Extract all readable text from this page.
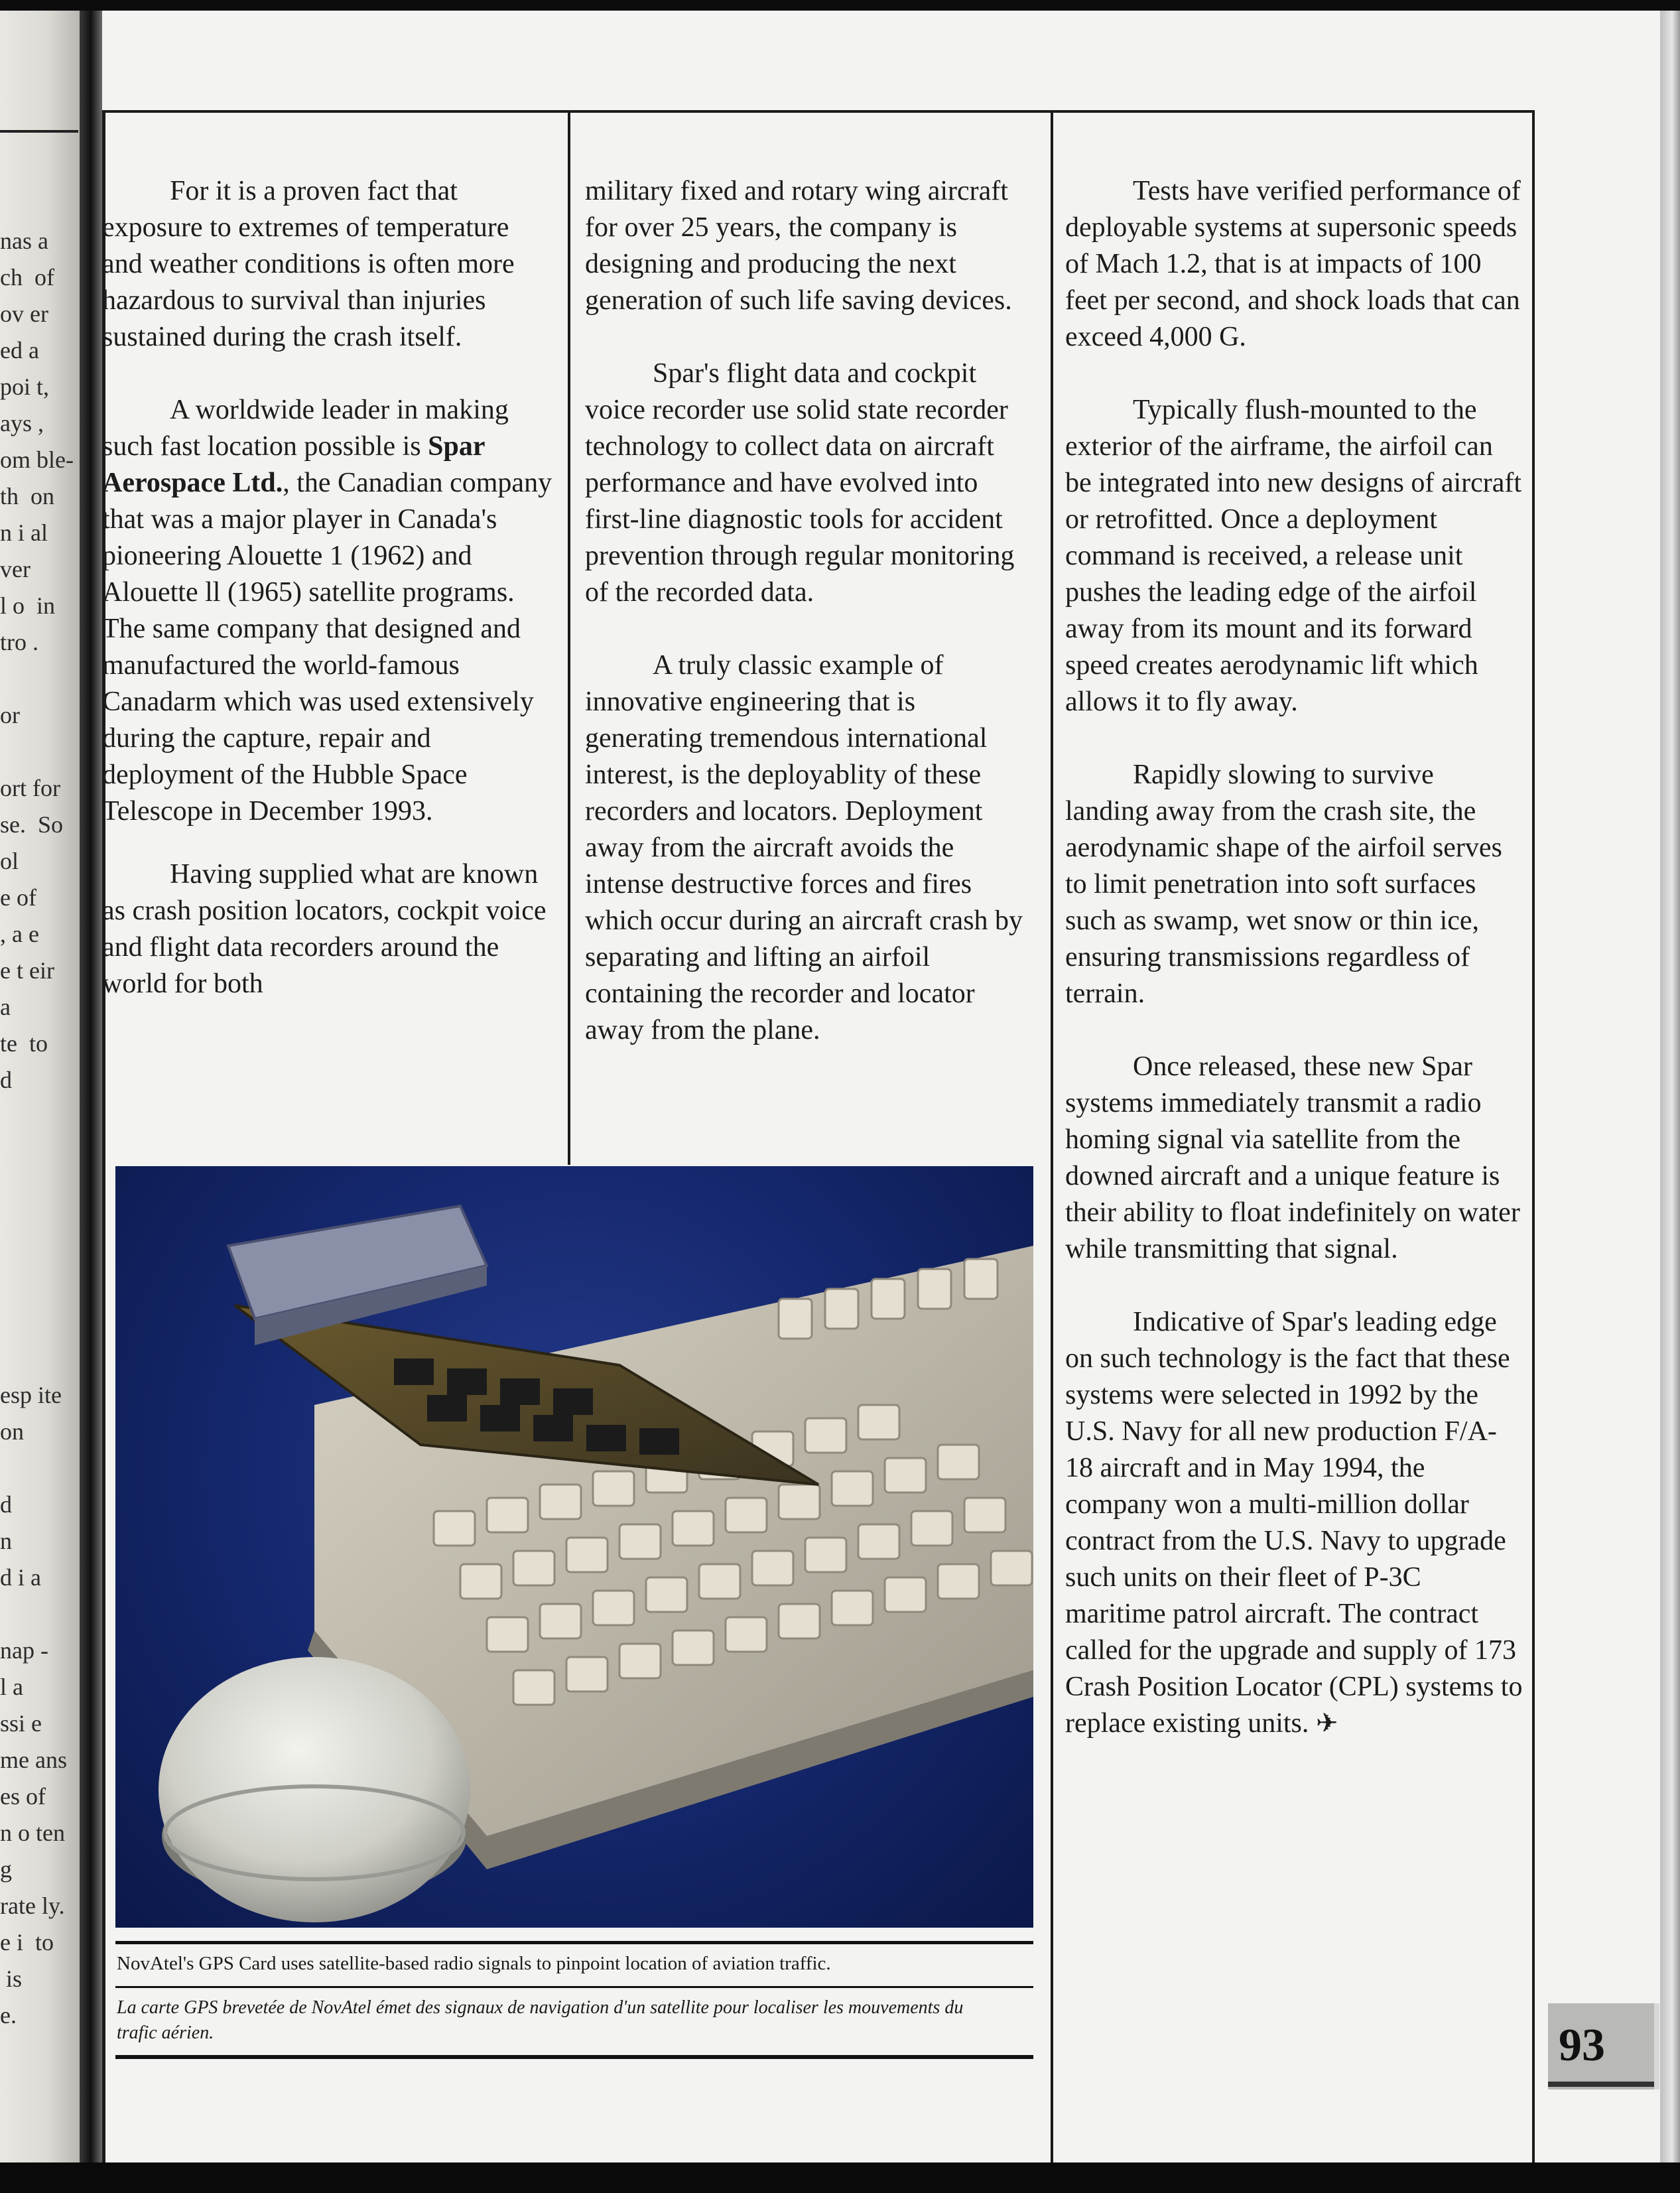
nas a
ch  of
ov er
ed a
poi t,
ays ,
om ble-
th  on
n i al
ver
l o  in
tro .
or
ort for
se.  So
ol
e of
, a e
e t eir
a
te  to
d
esp ite
on
d
n
d i a
nap -
l a
ssi e
me ans
es of
n o ten
g
rate ly.
e i  to
is
e.

For it is a proven fact that exposure to extremes of temperature and weather conditions is often more hazardous to survival than injuries sustained during the crash itself.

A worldwide leader in making such fast location possible is Spar Aerospace Ltd., the Canadian company that was a major player in Canada's pioneering Alouette 1 (1962) and Alouette ll (1965) satellite programs. The same company that designed and manufactured the world-famous Canadarm which was used extensively during the capture, repair and deployment of the Hubble Space Telescope in December 1993.

Having supplied what are known as crash position locators, cockpit voice and flight data recorders around the world for both

military fixed and rotary wing aircraft for over 25 years, the company is designing and producing the next generation of such life saving devices.

Spar's flight data and cockpit voice recorder use solid state recorder technology to collect data on aircraft performance and have evolved into first-line diagnostic tools for accident prevention through regular monitoring of the recorded data.

A truly classic example of innovative engineering that is generating tremendous international interest, is the deployablity of these recorders and locators. Deployment away from the aircraft avoids the intense destructive forces and fires which occur during an aircraft crash by separating and lifting an airfoil containing the recorder and locator away from the plane.

Tests have verified performance of deployable systems at supersonic speeds of Mach 1.2, that is at impacts of 100 feet per second, and shock loads that can exceed 4,000 G.

Typically flush-mounted to the exterior of the airframe, the airfoil can be integrated into new designs of aircraft or retrofitted. Once a deployment command is received, a release unit pushes the leading edge of the airfoil away from its mount and its forward speed creates aerodynamic lift which allows it to fly away.

Rapidly slowing to survive landing away from the crash site, the aerodynamic shape of the airfoil serves to limit penetration into soft surfaces such as swamp, wet snow or thin ice, ensuring transmissions regardless of terrain.

Once released, these new Spar systems immediately transmit a radio homing signal via satellite from the downed aircraft and a unique feature is their ability to float indefinitely on water while transmitting that signal.

Indicative of Spar's leading edge on such technology is the fact that these systems were selected in 1992 by the U.S. Navy for all new production F/A-18 aircraft and in May 1994, the company won a multi-million dollar contract from the U.S. Navy to upgrade such units on their fleet of P-3C maritime patrol aircraft. The contract called for the upgrade and supply of 173 Crash Position Locator (CPL) systems to replace existing units. ✈

NovAtel's GPS Card uses satellite-based radio signals to pinpoint location of aviation traffic.
La carte GPS brevetée de NovAtel émet des signaux de navigation d'un satellite pour localiser les mouvements du trafic aérien.	93
